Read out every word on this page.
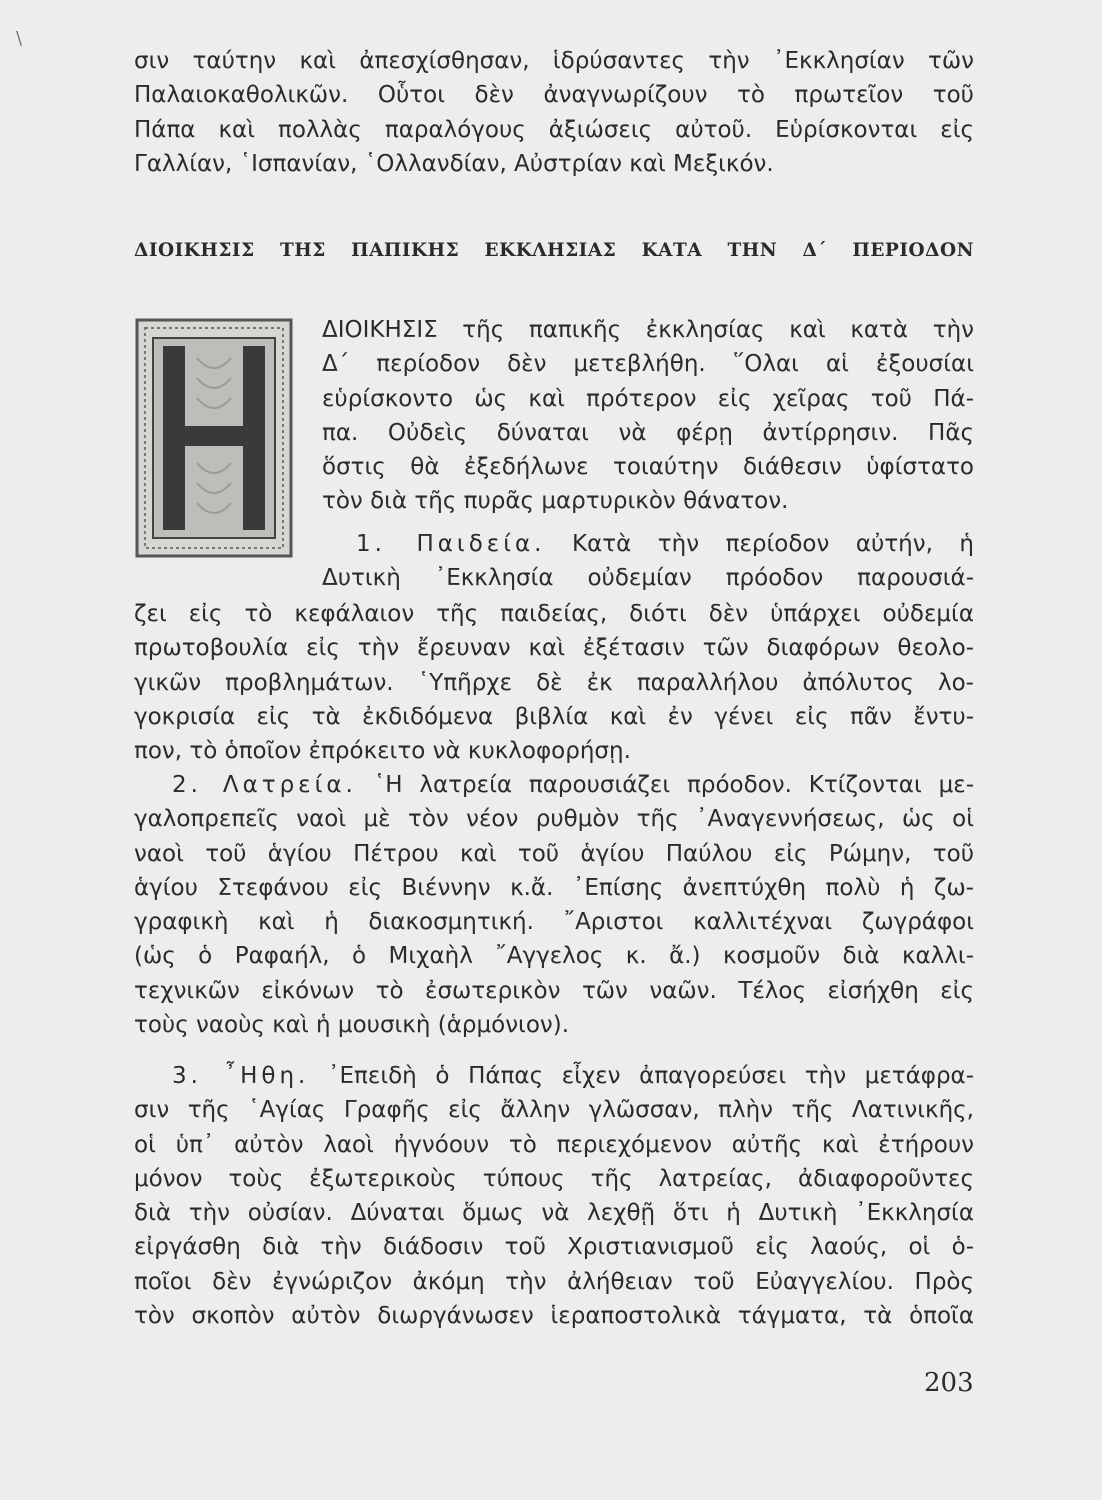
\
σιν ταύτην καὶ ἀπεσχίσθησαν, ἱδρύσαντες τὴν ᾿Εκκλησίαν τῶν
Παλαιοκαθολικῶν. Οὗτοι δὲν ἀναγνωρίζουν τὸ πρωτεῖον τοῦ
Πάπα καὶ πολλὰς παραλόγους ἀξιώσεις αὐτοῦ. Εὑρίσκονται εἰς
Γαλλίαν, ῾Ισπανίαν, ῾Ολλανδίαν, Αὐστρίαν καὶ Μεξικόν.
ΔΙΟΙΚΗΣΙΣ ΤΗΣ ΠΑΠΙΚΗΣ ΕΚΚΛΗΣΙΑΣ ΚΑΤΑ ΤΗΝ Δ΄ ΠΕΡΙΟΔΟΝ
ΔΙΟΙΚΗΣΙΣ τῆς παπικῆς ἐκκλησίας καὶ κατὰ τὴν
Δ΄ περίοδον δὲν μετεβλήθη. ῞Ολαι αἱ ἐξουσίαι
εὑρίσκοντο ὡς καὶ πρότερον εἰς χεῖρας τοῦ Πά-
πα. Οὐδεὶς δύναται νὰ φέρῃ ἀντίρρησιν. Πᾶς
ὅστις θὰ ἐξεδήλωνε τοιαύτην διάθεσιν ὑφίστατο
τὸν διὰ τῆς πυρᾶς μαρτυρικὸν θάνατον.
1. Παιδεία. Κατὰ τὴν περίοδον αὐτήν, ἡ
Δυτικὴ ᾿Εκκλησία οὐδεμίαν πρόοδον παρουσιά-
ζει εἰς τὸ κεφάλαιον τῆς παιδείας, διότι δὲν ὑπάρχει οὐδεμία
πρωτοβουλία εἰς τὴν ἔρευναν καὶ ἐξέτασιν τῶν διαφόρων θεολο-
γικῶν προβλημάτων. ῾Υπῆρχε δὲ ἐκ παραλλήλου ἀπόλυτος λο-
γοκρισία εἰς τὰ ἐκδιδόμενα βιβλία καὶ ἐν γένει εἰς πᾶν ἔντυ-
πον, τὸ ὁποῖον ἐπρόκειτο νὰ κυκλοφορήσῃ.
2. Λατρεία. ῾Η λατρεία παρουσιάζει πρόοδον. Κτίζονται με-
γαλοπρεπεῖς ναοὶ μὲ τὸν νέον ρυθμὸν τῆς ᾿Αναγεννήσεως, ὡς οἱ
ναοὶ τοῦ ἁγίου Πέτρου καὶ τοῦ ἁγίου Παύλου εἰς Ρώμην, τοῦ
ἁγίου Στεφάνου εἰς Βιέννην κ.ἄ. ᾿Επίσης ἀνεπτύχθη πολὺ ἡ ζω-
γραφικὴ καὶ ἡ διακοσμητική. ῎Αριστοι καλλιτέχναι ζωγράφοι
(ὡς ὁ Ραφαήλ, ὁ Μιχαὴλ ῎Αγγελος κ. ἄ.) κοσμοῦν διὰ καλλι-
τεχνικῶν εἰκόνων τὸ ἐσωτερικὸν τῶν ναῶν. Τέλος εἰσήχθη εἰς
τοὺς ναοὺς καὶ ἡ μουσικὴ (ἁρμόνιον).
3. ῏Ηθη. ᾿Επειδὴ ὁ Πάπας εἶχεν ἀπαγορεύσει τὴν μετάφρα-
σιν τῆς ῾Αγίας Γραφῆς εἰς ἄλλην γλῶσσαν, πλὴν τῆς Λατινικῆς,
οἱ ὑπ᾿ αὐτὸν λαοὶ ἠγνόουν τὸ περιεχόμενον αὐτῆς καὶ ἐτήρουν
μόνον τοὺς ἐξωτερικοὺς τύπους τῆς λατρείας, ἀδιαφοροῦντες
διὰ τὴν οὐσίαν. Δύναται ὅμως νὰ λεχθῇ ὅτι ἡ Δυτικὴ ᾿Εκκλησία
εἰργάσθη διὰ τὴν διάδοσιν τοῦ Χριστιανισμοῦ εἰς λαούς, οἱ ὁ-
ποῖοι δὲν ἐγνώριζον ἀκόμη τὴν ἀλήθειαν τοῦ Εὐαγγελίου. Πρὸς
τὸν σκοπὸν αὐτὸν διωργάνωσεν ἱεραποστολικὰ τάγματα, τὰ ὁποῖα
203
